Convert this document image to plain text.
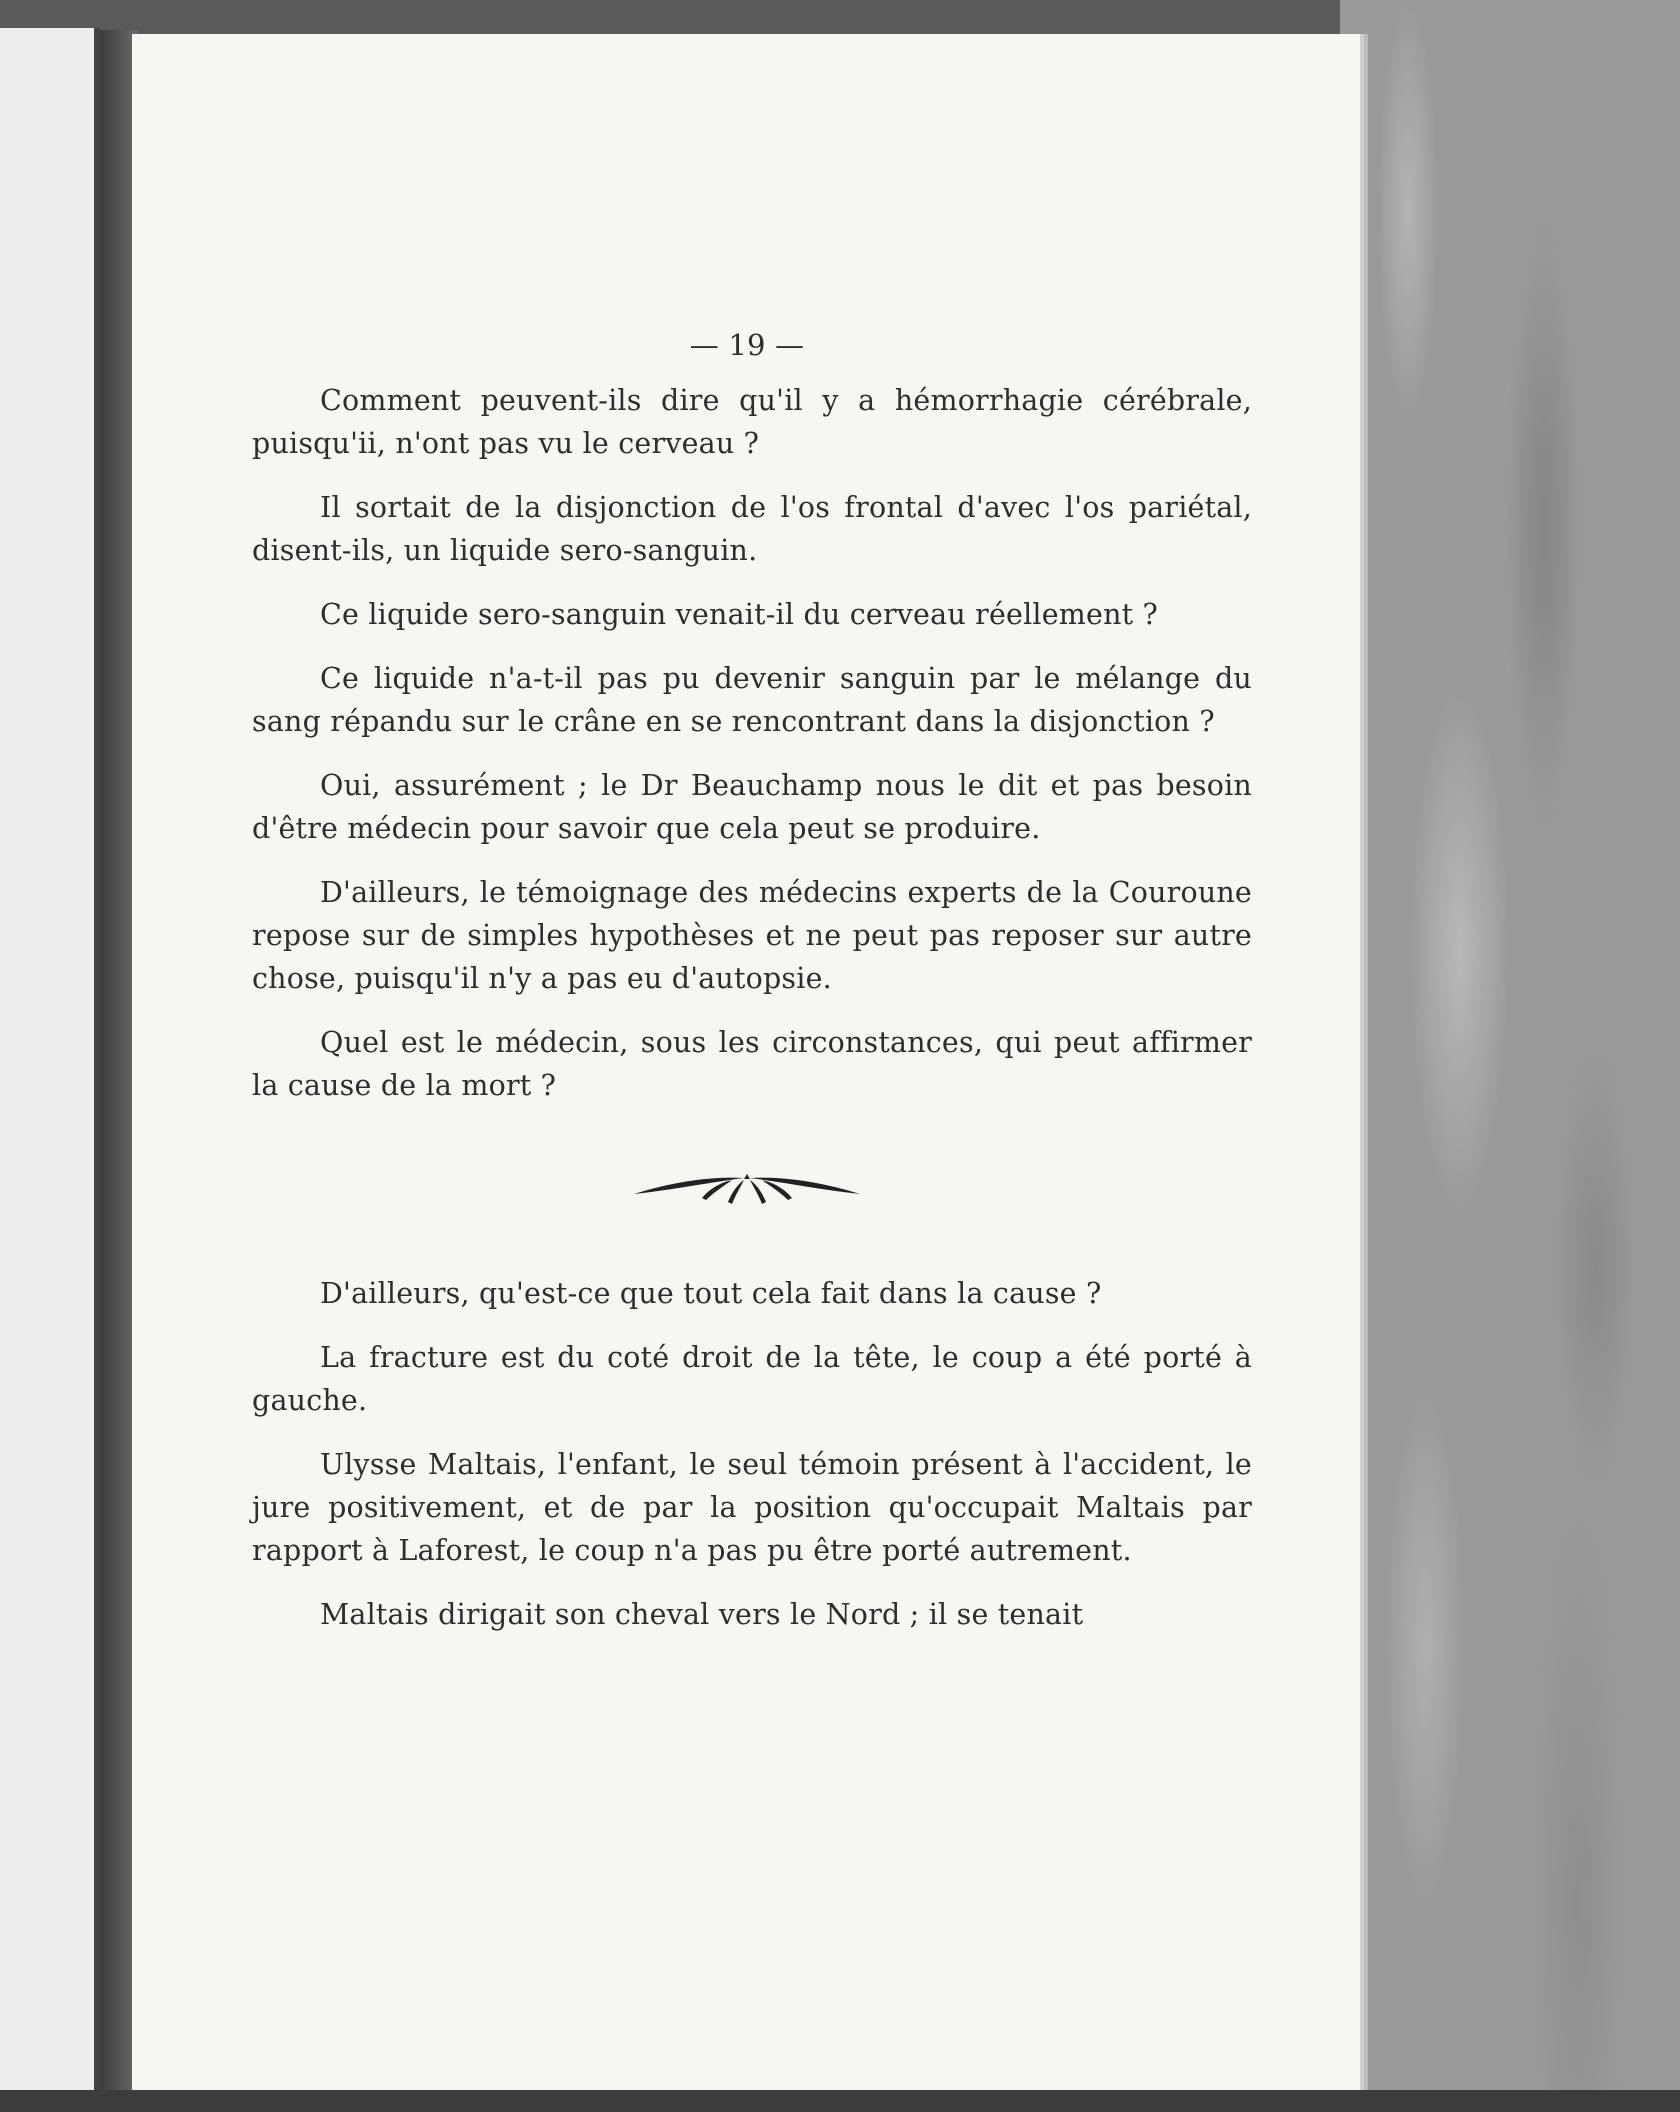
— 19 —

Comment peuvent-ils dire qu'il y a hémorrhagie cérébrale, puisqu'ii, n'ont pas vu le cerveau ?

Il sortait de la disjonction de l'os frontal d'avec l'os pariétal, disent-ils, un liquide sero-sanguin.

Ce liquide sero-sanguin venait-il du cerveau réellement ?

Ce liquide n'a-t-il pas pu devenir sanguin par le mélange du sang répandu sur le crâne en se rencontrant dans la disjonction ?

Oui, assurément ; le Dr Beauchamp nous le dit et pas besoin d'être médecin pour savoir que cela peut se produire.

D'ailleurs, le témoignage des médecins experts de la Couroune repose sur de simples hypothèses et ne peut pas reposer sur autre chose, puisqu'il n'y a pas eu d'autopsie.

Quel est le médecin, sous les circonstances, qui peut affirmer la cause de la mort ?

D'ailleurs, qu'est-ce que tout cela fait dans la cause ?

La fracture est du coté droit de la tête, le coup a été porté à gauche.

Ulysse Maltais, l'enfant, le seul témoin présent à l'accident, le jure positivement, et de par la position qu'occupait Maltais par rapport à Laforest, le coup n'a pas pu être porté autrement.

Maltais dirigait son cheval vers le Nord ; il se tenait
